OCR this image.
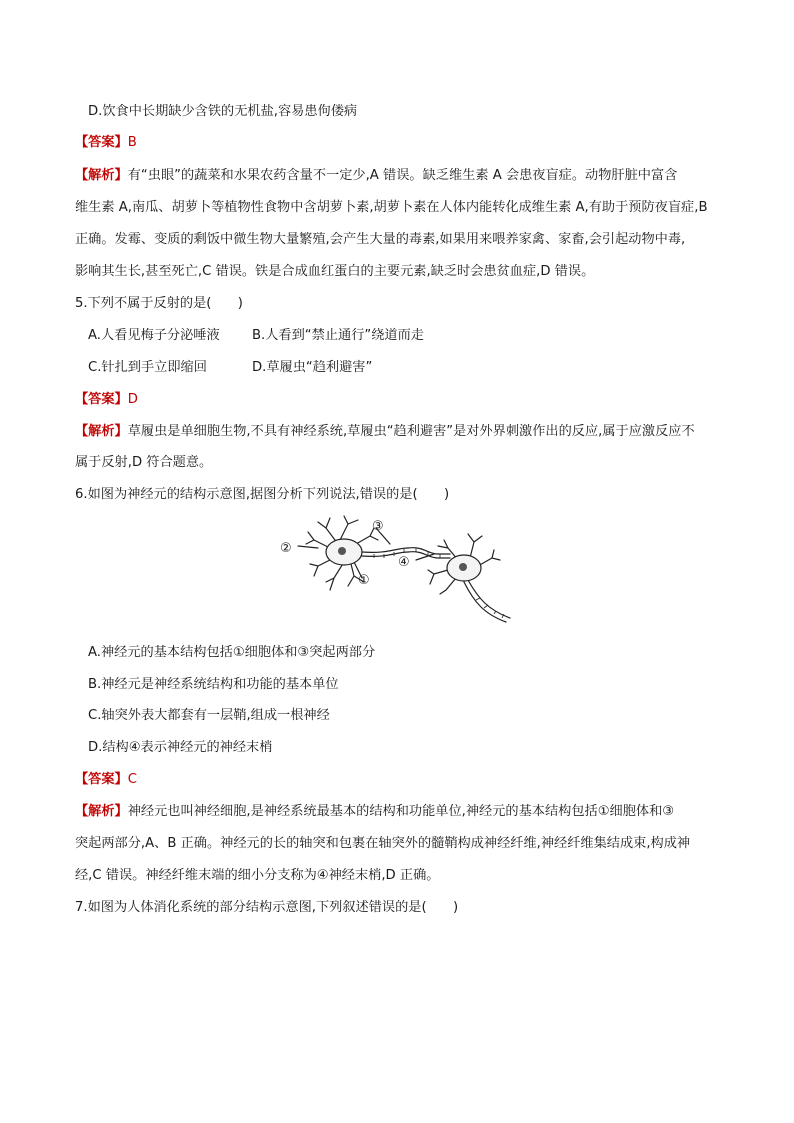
D.饮食中长期缺少含铁的无机盐,容易患佝偻病
【答案】B
【解析】有“虫眼”的蔬菜和水果农药含量不一定少,A 错误。缺乏维生素 A 会患夜盲症。动物肝脏中富含
维生素 A,南瓜、胡萝卜等植物性食物中含胡萝卜素,胡萝卜素在人体内能转化成维生素 A,有助于预防夜盲症,B
正确。发霉、变质的剩饭中微生物大量繁殖,会产生大量的毒素,如果用来喂养家禽、家畜,会引起动物中毒,
影响其生长,甚至死亡,C 错误。铁是合成血红蛋白的主要元素,缺乏时会患贫血症,D 错误。
5.下列不属于反射的是(　　)
A.人看见梅子分泌唾液 B.人看到“禁止通行”绕道而走
C.针扎到手立即缩回	D.草履虫“趋利避害”
【答案】D
【解析】草履虫是单细胞生物,不具有神经系统,草履虫“趋利避害”是对外界刺激作出的反应,属于应激反应不
属于反射,D 符合题意。
6.如图为神经元的结构示意图,据图分析下列说法,错误的是(　　)
①
②
③
④
A.神经元的基本结构包括①细胞体和③突起两部分
B.神经元是神经系统结构和功能的基本单位
C.轴突外表大都套有一层鞘,组成一根神经
D.结构④表示神经元的神经末梢
【答案】C
【解析】神经元也叫神经细胞,是神经系统最基本的结构和功能单位,神经元的基本结构包括①细胞体和③
突起两部分,A、B 正确。神经元的长的轴突和包裹在轴突外的髓鞘构成神经纤维,神经纤维集结成束,构成神
经,C 错误。神经纤维末端的细小分支称为④神经末梢,D 正确。
7.如图为人体消化系统的部分结构示意图,下列叙述错误的是(　　)
